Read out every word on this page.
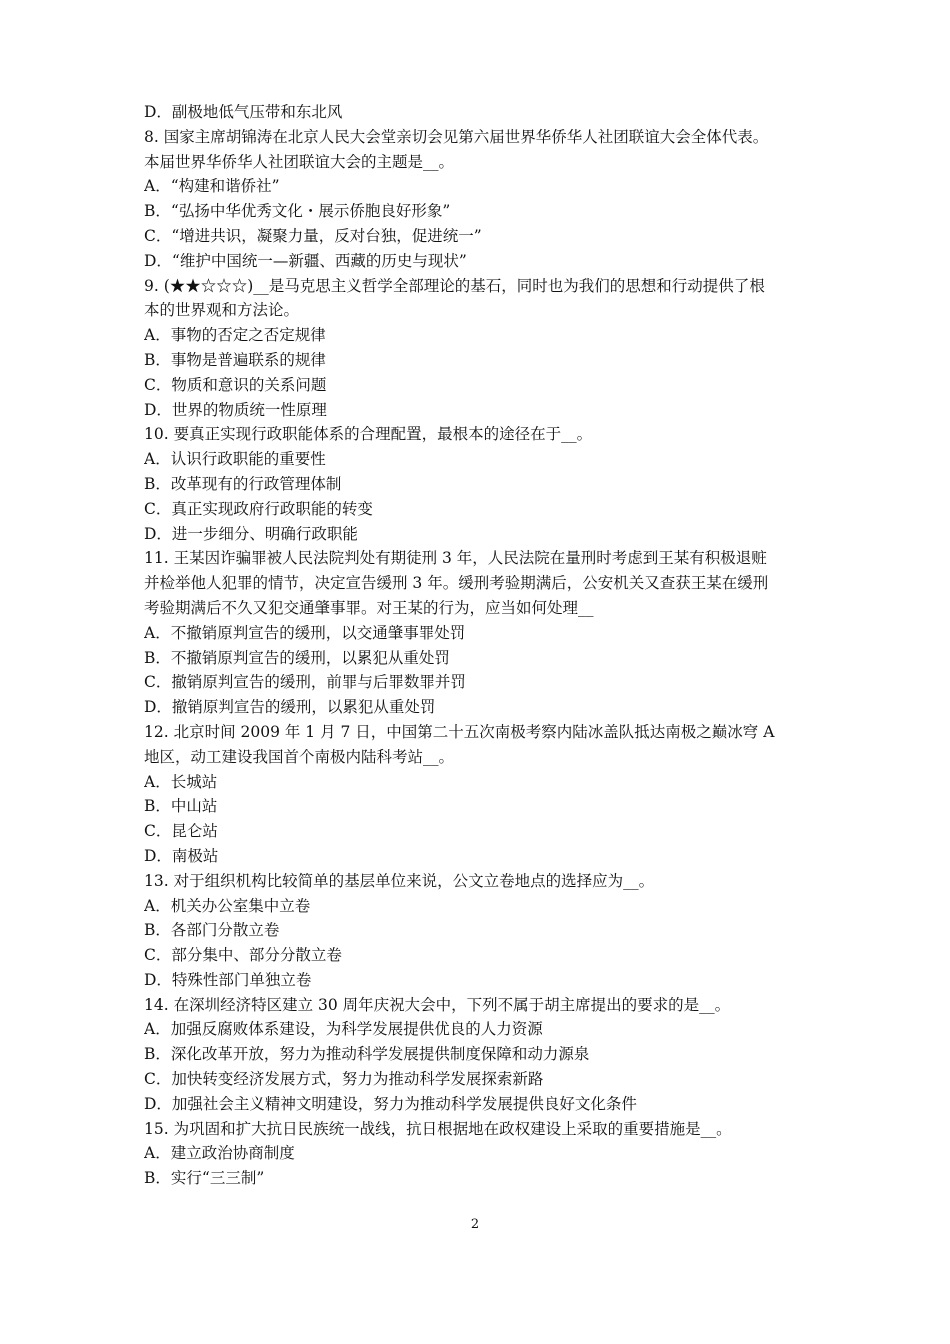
D．副极地低气压带和东北风
8. 国家主席胡锦涛在北京人民大会堂亲切会见第六届世界华侨华人社团联谊大会全体代表。
本届世界华侨华人社团联谊大会的主题是__。
A．“构建和谐侨社”
B．“弘扬中华优秀文化・展示侨胞良好形象”
C．“增进共识，凝聚力量，反对台独，促进统一”
D．“维护中国统一—新疆、西藏的历史与现状”
9. (★★☆☆☆)__是马克思主义哲学全部理论的基石，同时也为我们的思想和行动提供了根
本的世界观和方法论。
A．事物的否定之否定规律
B．事物是普遍联系的规律
C．物质和意识的关系问题
D．世界的物质统一性原理
10. 要真正实现行政职能体系的合理配置，最根本的途径在于__。
A．认识行政职能的重要性
B．改革现有的行政管理体制
C．真正实现政府行政职能的转变
D．进一步细分、明确行政职能
11. 王某因诈骗罪被人民法院判处有期徒刑 3 年，人民法院在量刑时考虑到王某有积极退赃
并检举他人犯罪的情节，决定宣告缓刑 3 年。缓刑考验期满后，公安机关又查获王某在缓刑
考验期满后不久又犯交通肇事罪。对王某的行为，应当如何处理__
A．不撤销原判宣告的缓刑，以交通肇事罪处罚
B．不撤销原判宣告的缓刑，以累犯从重处罚
C．撤销原判宣告的缓刑，前罪与后罪数罪并罚
D．撤销原判宣告的缓刑，以累犯从重处罚
12. 北京时间 2009 年 1 月 7 日，中国第二十五次南极考察内陆冰盖队抵达南极之巅冰穹 A
地区，动工建设我国首个南极内陆科考站__。
A．长城站
B．中山站
C．昆仑站
D．南极站
13. 对于组织机构比较简单的基层单位来说，公文立卷地点的选择应为__。
A．机关办公室集中立卷
B．各部门分散立卷
C．部分集中、部分分散立卷
D．特殊性部门单独立卷
14. 在深圳经济特区建立 30 周年庆祝大会中，下列不属于胡主席提出的要求的是__。
A．加强反腐败体系建设，为科学发展提供优良的人力资源
B．深化改革开放，努力为推动科学发展提供制度保障和动力源泉
C．加快转变经济发展方式，努力为推动科学发展探索新路
D．加强社会主义精神文明建设，努力为推动科学发展提供良好文化条件
15. 为巩固和扩大抗日民族统一战线，抗日根据地在政权建设上采取的重要措施是__。
A．建立政治协商制度
B．实行“三三制”
2
